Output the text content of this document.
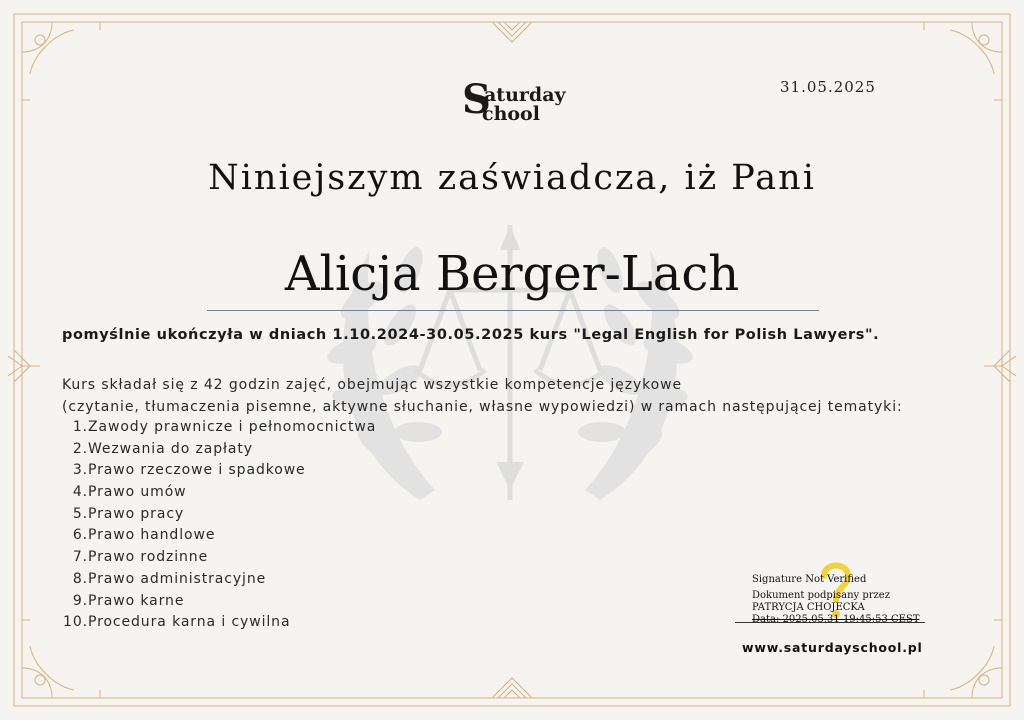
S
aturday
chool
31.05.2025
Niniejszym zaświadcza, iż Pani
Alicja Berger-Lach
pomyślnie ukończyła w dniach 1.10.2024-30.05.2025 kurs "Legal English for Polish Lawyers".
Kurs składał się z 42 godzin zajęć, obejmując wszystkie kompetencje językowe
(czytanie, tłumaczenia pisemne, aktywne słuchanie, własne wypowiedzi) w ramach następującej tematyki:
1.Zawody prawnicze i pełnomocnictwa
2.Wezwania do zapłaty
3.Prawo rzeczowe i spadkowe
4.Prawo umów
5.Prawo pracy
6.Prawo handlowe
7.Prawo rodzinne
8.Prawo administracyjne
9.Prawo karne
10.Procedura karna i cywilna
Signature Not Verified
Dokument podpisany przez
PATRYCJA CHOJECKA
Data: 2025.05.31 19:45:53 CEST
www.saturdayschool.pl
